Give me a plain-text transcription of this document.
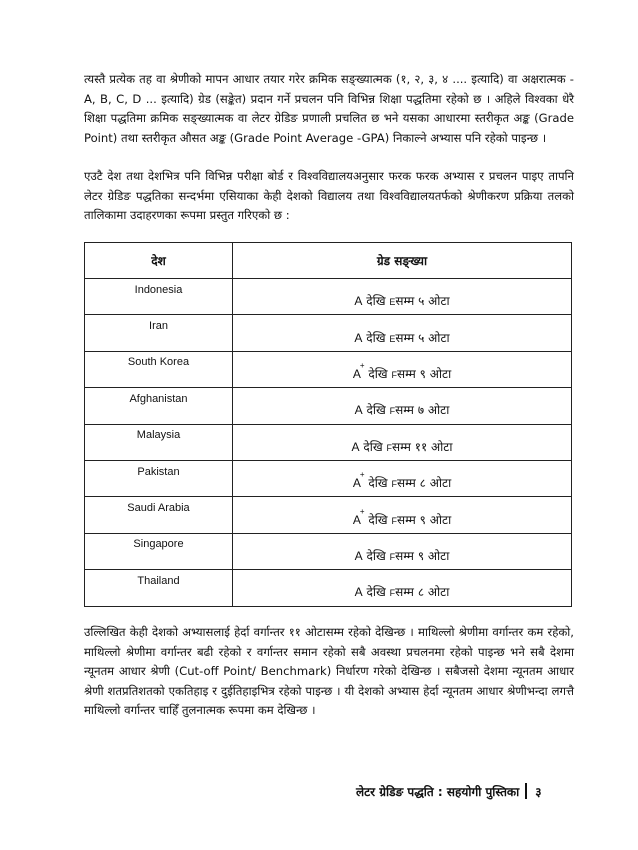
त्यस्तै प्रत्येक तह वा श्रेणीको मापन आधार तयार गरेर क्रमिक सङ्ख्यात्मक (१, २, ३, ४ .... इत्यादि) वा अक्षरात्मक -A, B, C, D ... इत्यादि) ग्रेड (सङ्केत) प्रदान गर्ने प्रचलन पनि विभिन्न शिक्षा पद्धतिमा रहेको छ । अहिले विश्वका धेरै शिक्षा पद्धतिमा क्रमिक सङ्ख्यात्मक वा लेटर ग्रेडिङ प्रणाली प्रचलित छ भने यसका आधारमा स्तरीकृत अङ्क (Grade Point) तथा स्तरीकृत औसत अङ्क (Grade Point Average -GPA) निकाल्ने अभ्यास पनि रहेको पाइन्छ ।

एउटै देश तथा देशभित्र पनि विभिन्न परीक्षा बोर्ड र विश्वविद्यालयअनुसार फरक फरक अभ्यास र प्रचलन पाइए तापनि लेटर ग्रेडिङ पद्धतिका सन्दर्भमा एसियाका केही देशको विद्यालय तथा विश्वविद्यालयतर्फको श्रेणीकरण प्रक्रिया तलको तालिकामा उदाहरणका रूपमा प्रस्तुत गरिएको छ :

देश	ग्रेड सङ्ख्या
Indonesia	A देखि Eसम्म ५ ओटा
Iran	A देखि Eसम्म ५ ओटा
South Korea	A+ देखि Fसम्म ९ ओटा
Afghanistan	A देखि Fसम्म ७ ओटा
Malaysia	A देखि Fसम्म ११ ओटा
Pakistan	A+ देखि Fसम्म ८ ओटा
Saudi Arabia	A+ देखि Fसम्म ९ ओटा
Singapore	A देखि Fसम्म ९ ओटा
Thailand	A देखि Fसम्म ८ ओटा

उल्लिखित केही देशको अभ्यासलाई हेर्दा वर्गान्तर ११ ओटासम्म रहेको देखिन्छ । माथिल्लो श्रेणीमा वर्गान्तर कम रहेको, माथिल्लो श्रेणीमा वर्गान्तर बढी रहेको र वर्गान्तर समान रहेको सबै अवस्था प्रचलनमा रहेको पाइन्छ भने सबै देशमा न्यूनतम आधार श्रेणी (Cut-off Point/ Benchmark) निर्धारण गरेको देखिन्छ । सबैजसो देशमा न्यूनतम आधार श्रेणी शतप्रतिशतको एकतिहाइ र दुईतिहाइभित्र रहेको पाइन्छ । यी देशको अभ्यास हेर्दा न्यूनतम आधार श्रेणीभन्दा लगत्तै माथिल्लो वर्गान्तर चाहिँ तुलनात्मक रूपमा कम देखिन्छ ।

लेटर ग्रेडिङ पद्धति : सहयोगी पुस्तिका ३
